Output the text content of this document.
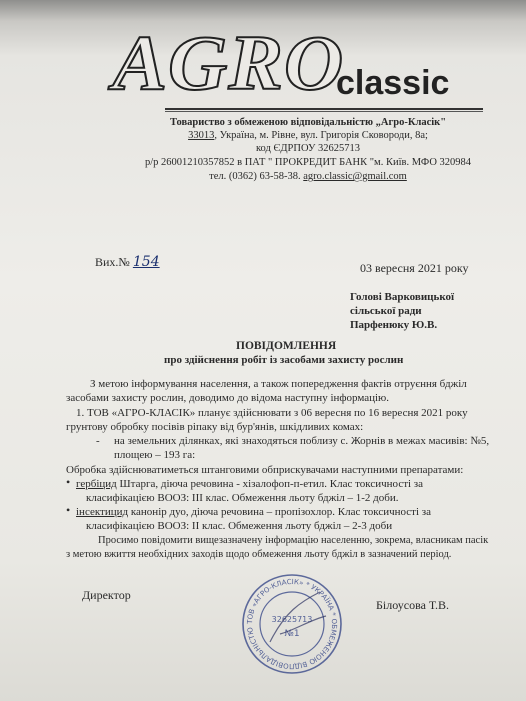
AGRO
classic
Товариство з обмеженою відповідальністю „Агро-Класік"
33013, Україна, м. Рівне, вул. Григорія Сковороди, 8а;
код ЄДРПОУ 32625713
р/р 26001210357852 в ПАТ " ПРОКРЕДИТ БАНК "м. Київ. МФО 320984
тел. (0362) 63-58-38. agro.classic@gmail.com
Вих.№ 154	03 вересня 2021 року
Голові Варковицької
сільської ради
Парфенюку Ю.В.
ПОВІДОМЛЕННЯ
про здійснення робіт із засобами захисту рослин
З метою інформування населення, а також попередження фактів отруєння бджіл
засобами захисту рослин, доводимо до відома наступну інформацію.
1. ТОВ «АГРО-КЛАСІК» планує здійснювати з 06 вересня по 16 вересня 2021 року
грунтову обробку посівів ріпаку від бур'янів, шкідливих комах:
- на земельних ділянках, які знаходяться поблизу с. Жорнів в межах масивів: №5,
площею – 193 га:
Обробка здійснюватиметься штанговими обприскувачами наступними препаратами:
• гербіцид Штарга, діюча речовина - хізалофоп-п-етил. Клас токсичності за
класифікацією ВООЗ: ІІІ клас. Обмеження льоту бджіл – 1-2 доби.
• інсектицид канонір дуо, діюча речовина – пропізохлор. Клас токсичності за
класифікацією ВООЗ: ІІ клас. Обмеження льоту бджіл – 2-3 доби
Просимо повідомити вищезазначену інформацію населенню, зокрема, власникам пасік
з метою вжиття необхідних заходів щодо обмеження льоту бджіл в зазначений період.
Директор
Білоусова Т.В.
ТОВ «АГРО-КЛАСІК» * УКРАЇНА * ОБМЕЖЕНОЮ ВІДПОВІДАЛЬНІСТЮ
32625713
№1
